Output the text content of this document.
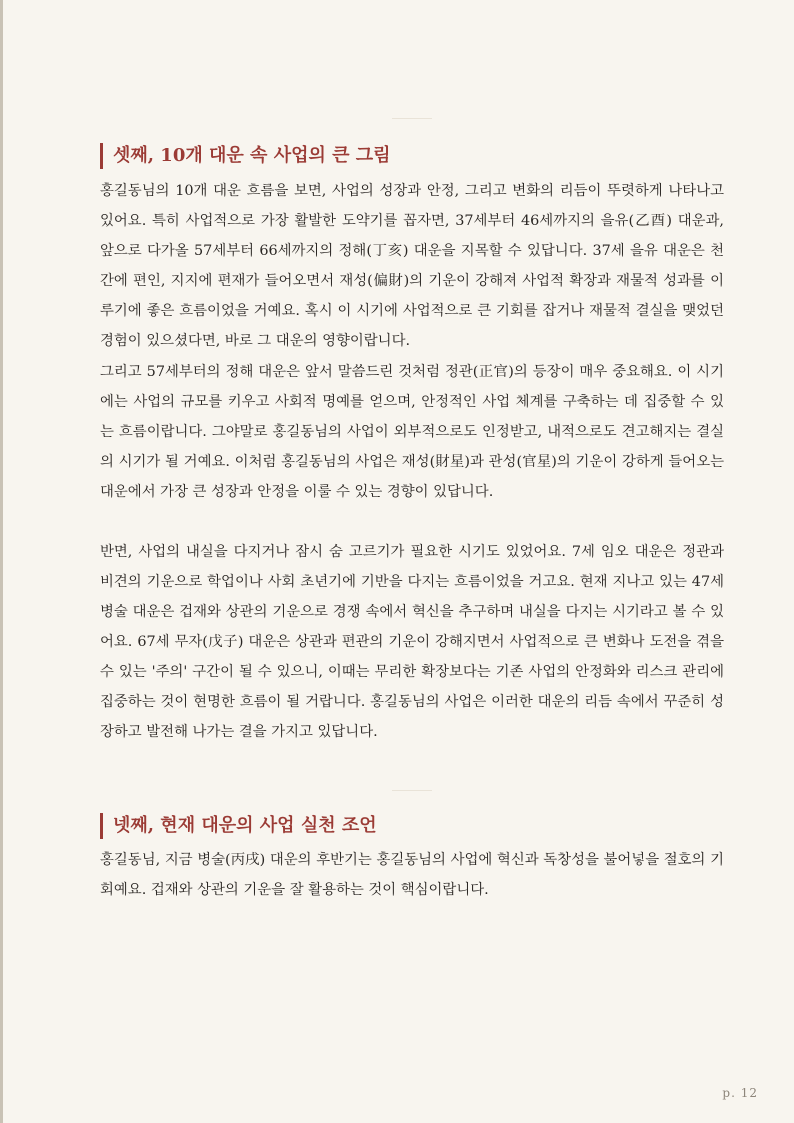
셋째, 10개 대운 속 사업의 큰 그림

홍길동님의 10개 대운 흐름을 보면, 사업의 성장과 안정, 그리고 변화의 리듬이 뚜렷하게 나타나고 있어요. 특히 사업적으로 가장 활발한 도약기를 꼽자면, 37세부터 46세까지의 을유(乙酉) 대운과, 앞으로 다가올 57세부터 66세까지의 정해(丁亥) 대운을 지목할 수 있답니다. 37세 을유 대운은 천간에 편인, 지지에 편재가 들어오면서 재성(偏財)의 기운이 강해져 사업적 확장과 재물적 성과를 이루기에 좋은 흐름이었을 거예요. 혹시 이 시기에 사업적으로 큰 기회를 잡거나 재물적 결실을 맺었던 경험이 있으셨다면, 바로 그 대운의 영향이랍니다.

그리고 57세부터의 정해 대운은 앞서 말씀드린 것처럼 정관(正官)의 등장이 매우 중요해요. 이 시기에는 사업의 규모를 키우고 사회적 명예를 얻으며, 안정적인 사업 체계를 구축하는 데 집중할 수 있는 흐름이랍니다. 그야말로 홍길동님의 사업이 외부적으로도 인정받고, 내적으로도 견고해지는 결실의 시기가 될 거예요. 이처럼 홍길동님의 사업은 재성(財星)과 관성(官星)의 기운이 강하게 들어오는 대운에서 가장 큰 성장과 안정을 이룰 수 있는 경향이 있답니다.

반면, 사업의 내실을 다지거나 잠시 숨 고르기가 필요한 시기도 있었어요. 7세 임오 대운은 정관과 비견의 기운으로 학업이나 사회 초년기에 기반을 다지는 흐름이었을 거고요. 현재 지나고 있는 47세 병술 대운은 겁재와 상관의 기운으로 경쟁 속에서 혁신을 추구하며 내실을 다지는 시기라고 볼 수 있어요. 67세 무자(戊子) 대운은 상관과 편관의 기운이 강해지면서 사업적으로 큰 변화나 도전을 겪을 수 있는 '주의' 구간이 될 수 있으니, 이때는 무리한 확장보다는 기존 사업의 안정화와 리스크 관리에 집중하는 것이 현명한 흐름이 될 거랍니다. 홍길동님의 사업은 이러한 대운의 리듬 속에서 꾸준히 성장하고 발전해 나가는 결을 가지고 있답니다.

넷째, 현재 대운의 사업 실천 조언

홍길동님, 지금 병술(丙戌) 대운의 후반기는 홍길동님의 사업에 혁신과 독창성을 불어넣을 절호의 기회예요. 겁재와 상관의 기운을 잘 활용하는 것이 핵심이랍니다.

p. 12
